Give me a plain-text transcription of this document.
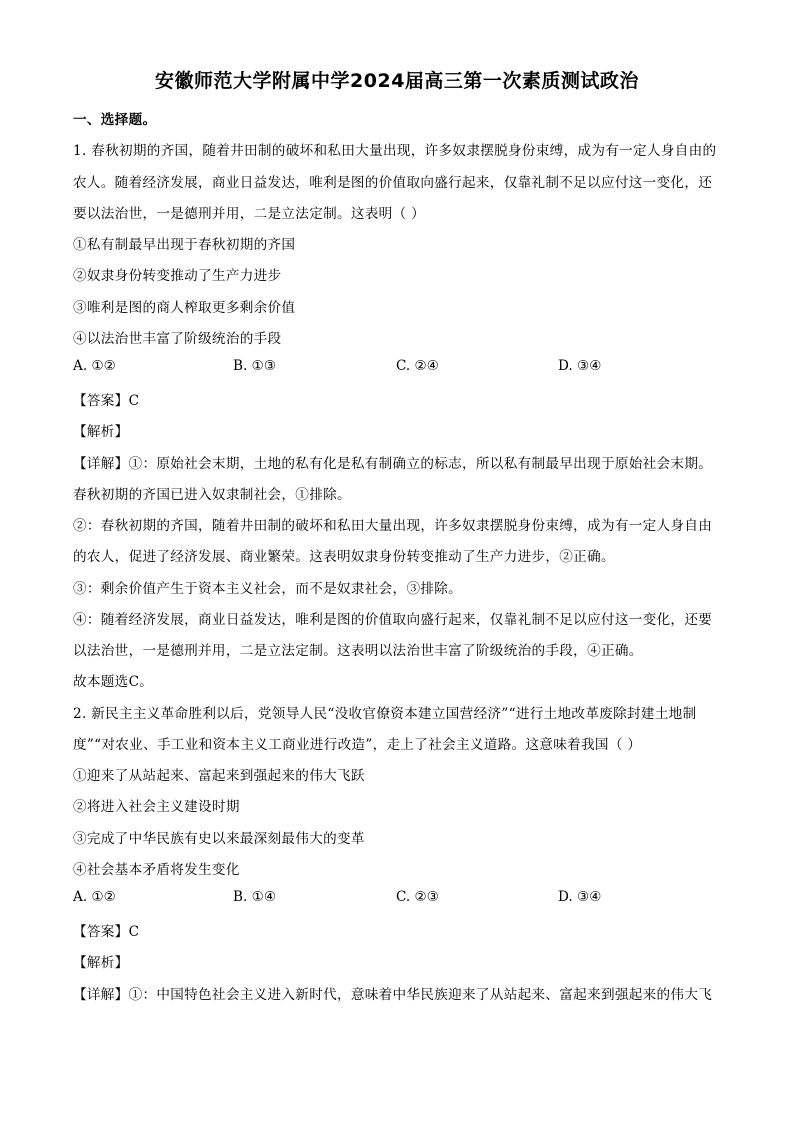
安徽师范大学附属中学2024届高三第一次素质测试政治
一、选择题。
1. 春秋初期的齐国，随着井田制的破坏和私田大量出现，许多奴隶摆脱身份束缚，成为有一定人身自由的
农人。随着经济发展，商业日益发达，唯利是图的价值取向盛行起来，仅靠礼制不足以应付这一变化，还
要以法治世，一是德刑并用，二是立法定制。这表明（ ）
①私有制最早出现于春秋初期的齐国
②奴隶身份转变推动了生产力进步
③唯利是图的商人榨取更多剩余价值
④以法治世丰富了阶级统治的手段
A. ①②	B. ①③	C. ②④	D. ③④
【答案】C
【解析】
【详解】①：原始社会末期，土地的私有化是私有制确立的标志，所以私有制最早出现于原始社会末期。
春秋初期的齐国已进入奴隶制社会，①排除。
②：春秋初期的齐国，随着井田制的破坏和私田大量出现，许多奴隶摆脱身份束缚，成为有一定人身自由
的农人，促进了经济发展、商业繁荣。这表明奴隶身份转变推动了生产力进步，②正确。
③：剩余价值产生于资本主义社会，而不是奴隶社会，③排除。
④：随着经济发展，商业日益发达，唯利是图的价值取向盛行起来，仅靠礼制不足以应付这一变化，还要
以法治世，一是德刑并用，二是立法定制。这表明以法治世丰富了阶级统治的手段，④正确。
故本题选C。
2. 新民主主义革命胜利以后，党领导人民“没收官僚资本建立国营经济”“进行土地改革废除封建土地制
度”“对农业、手工业和资本主义工商业进行改造”，走上了社会主义道路。这意味着我国（ ）
①迎来了从站起来、富起来到强起来的伟大飞跃
②将进入社会主义建设时期
③完成了中华民族有史以来最深刻最伟大的变革
④社会基本矛盾将发生变化
A. ①②	B. ①④	C. ②③	D. ③④
【答案】C
【解析】
【详解】①：中国特色社会主义进入新时代，意味着中华民族迎来了从站起来、富起来到强起来的伟大飞
